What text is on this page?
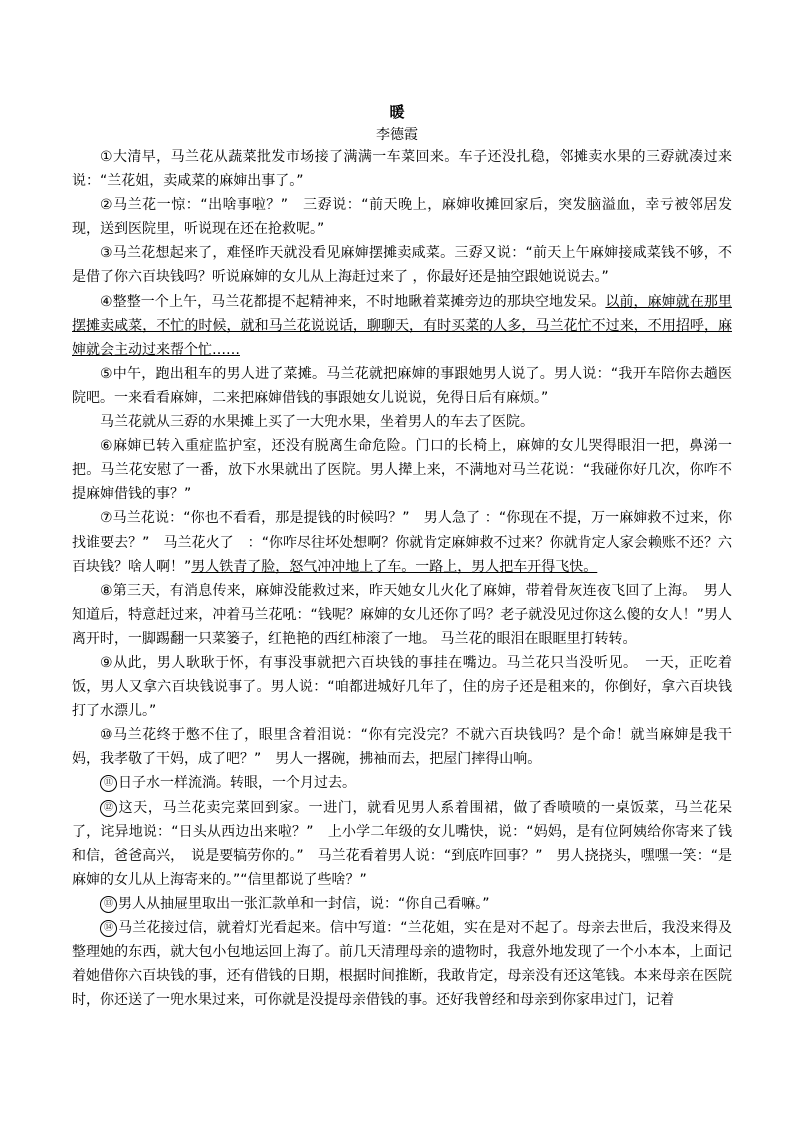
暖
李德霞

①大清早，马兰花从蔬菜批发市场接了满满一车菜回来。车子还没扎稳，邻摊卖水果的三孬就凑过来说：“兰花姐，卖咸菜的麻婶出事了。”

②马兰花一惊：“出啥事啦？”　三孬说：“前天晚上，麻婶收摊回家后，突发脑溢血，幸亏被邻居发现，送到医院里，听说现在还在抢救呢。”

③马兰花想起来了，难怪昨天就没看见麻婶摆摊卖咸菜。三孬又说：“前天上午麻婶接咸菜钱不够，不是借了你六百块钱吗？听说麻婶的女儿从上海赶过来了 ，你最好还是抽空跟她说说去。”

④整整一个上午，马兰花都提不起精神来，不时地瞅着菜摊旁边的那块空地发呆。以前，麻婶就在那里摆摊卖咸菜，不忙的时候，就和马兰花说说话，聊聊天，有时买菜的人多，马兰花忙不过来，不用招呼，麻婶就会主动过来帮个忙……

⑤中午，跑出租车的男人进了菜摊。马兰花就把麻婶的事跟她男人说了。男人说：“我开车陪你去趟医院吧。一来看看麻婶，二来把麻婶借钱的事跟她女儿说说，免得日后有麻烦。”

马兰花就从三孬的水果摊上买了一大兜水果，坐着男人的车去了医院。

⑥麻婶已转入重症监护室，还没有脱离生命危险。门口的长椅上，麻婶的女儿哭得眼泪一把，鼻涕一把。马兰花安慰了一番，放下水果就出了医院。男人撵上来，不满地对马兰花说：“我碰你好几次，你咋不提麻婶借钱的事？”

⑦马兰花说：“你也不看看，那是提钱的时候吗？”　男人急了 ：“你现在不提，万一麻婶救不过来，你找谁要去？”　马兰花火了　：“你咋尽往坏处想啊？你就肯定麻婶救不过来？你就肯定人家会赖账不还？六百块钱？啥人啊！”男人铁青了脸，怒气冲冲地上了车。一路上，男人把车开得飞快。

⑧第三天，有消息传来，麻婶没能救过来，昨天她女儿火化了麻婶，带着骨灰连夜飞回了上海。　男人知道后，特意赶过来，冲着马兰花吼：“钱呢？麻婶的女儿还你了吗？老子就没见过你这么傻的女人！”男人离开时，一脚踢翻一只菜篓子，红艳艳的西红柿滚了一地。 马兰花的眼泪在眼眶里打转转。

⑨从此，男人耿耿于怀，有事没事就把六百块钱的事挂在嘴边。马兰花只当没听见。　一天，正吃着饭，男人又拿六百块钱说事了。男人说：“咱都进城好几年了，住的房子还是租来的，你倒好，拿六百块钱打了水漂儿。”

⑩马兰花终于憋不住了，眼里含着泪说：“你有完没完？不就六百块钱吗？是个命！就当麻婶是我干妈，我孝敬了干妈，成了吧？”　男人一撂碗，拂袖而去，把屋门摔得山响。

⑪ 日子水一样流淌。转眼，一个月过去。

⑫ 这天，马兰花卖完菜回到家。一进门，就看见男人系着围裙，做了香喷喷的一桌饭菜，马兰花呆了，诧异地说：“日头从西边出来啦？”　上小学二年级的女儿嘴快，说：“妈妈，是有位阿姨给你寄来了钱和信，爸爸高兴，　说是要犒劳你的。”　马兰花看着男人说：“到底咋回事？”　男人挠挠头，嘿嘿一笑：“是麻婶的女儿从上海寄来的。”“信里都说了些啥？”

⑬ 男人从抽屉里取出一张汇款单和一封信，说：“你自己看嘛。”

⑭ 马兰花接过信，就着灯光看起来。信中写道：“兰花姐，实在是对不起了。母亲去世后，我没来得及整理她的东西，就大包小包地运回上海了。前几天清理母亲的遗物时，我意外地发现了一个小本本，上面记着她借你六百块钱的事，还有借钱的日期，根据时间推断，我敢肯定，母亲没有还这笔钱。本来母亲在医院时，你还送了一兜水果过来，可你就是没提母亲借钱的事。还好我曾经和母亲到你家串过门，记着
